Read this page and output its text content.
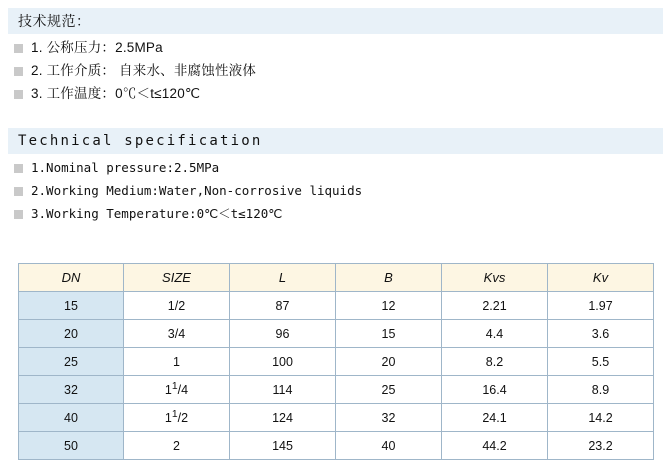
技术规范：
1. 公称压力：2.5MPa
2. 工作介质： 自来水、非腐蚀性液体
3. 工作温度：0℃＜t≤120℃
Technical specification
1.Nominal pressure:2.5MPa
2.Working Medium:Water,Non-corrosive liquids
3.Working Temperature:0℃＜t≤120℃
DN	SIZE	L	B	Kvs	Kv
15	1/2	87	12	2.21	1.97
20	3/4	96	15	4.4	3.6
25	1	100	20	8.2	5.5
32	$1^1/4$	114	25	16.4	8.9
40	$1^1/2$	124	32	24.1	14.2
50	2	145	40	44.2	23.2
